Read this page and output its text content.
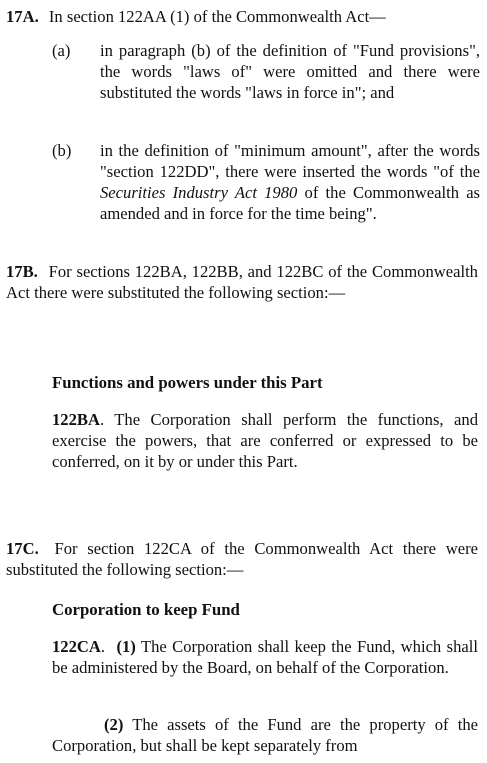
17A. In section 122AA (1) of the Commonwealth Act—
(a)	in paragraph (b) of the definition of "Fund provisions", the words "laws of" were omitted and there were substituted the words "laws in force in"; and
(b)	in the definition of "minimum amount", after the words "section 122DD", there were inserted the words "of the Securities Industry Act 1980 of the Commonwealth as amended and in force for the time being".
17B. For sections 122BA, 122BB, and 122BC of the Commonwealth Act there were substituted the following section:—
Functions and powers under this Part
122BA. The Corporation shall perform the functions, and exercise the powers, that are conferred or expressed to be conferred, on it by or under this Part.
17C. For section 122CA of the Commonwealth Act there were substituted the following section:—
Corporation to keep Fund
122CA. (1) The Corporation shall keep the Fund, which shall be administered by the Board, on behalf of the Corporation.
(2) The assets of the Fund are the property of the Corporation, but shall be kept separately from
